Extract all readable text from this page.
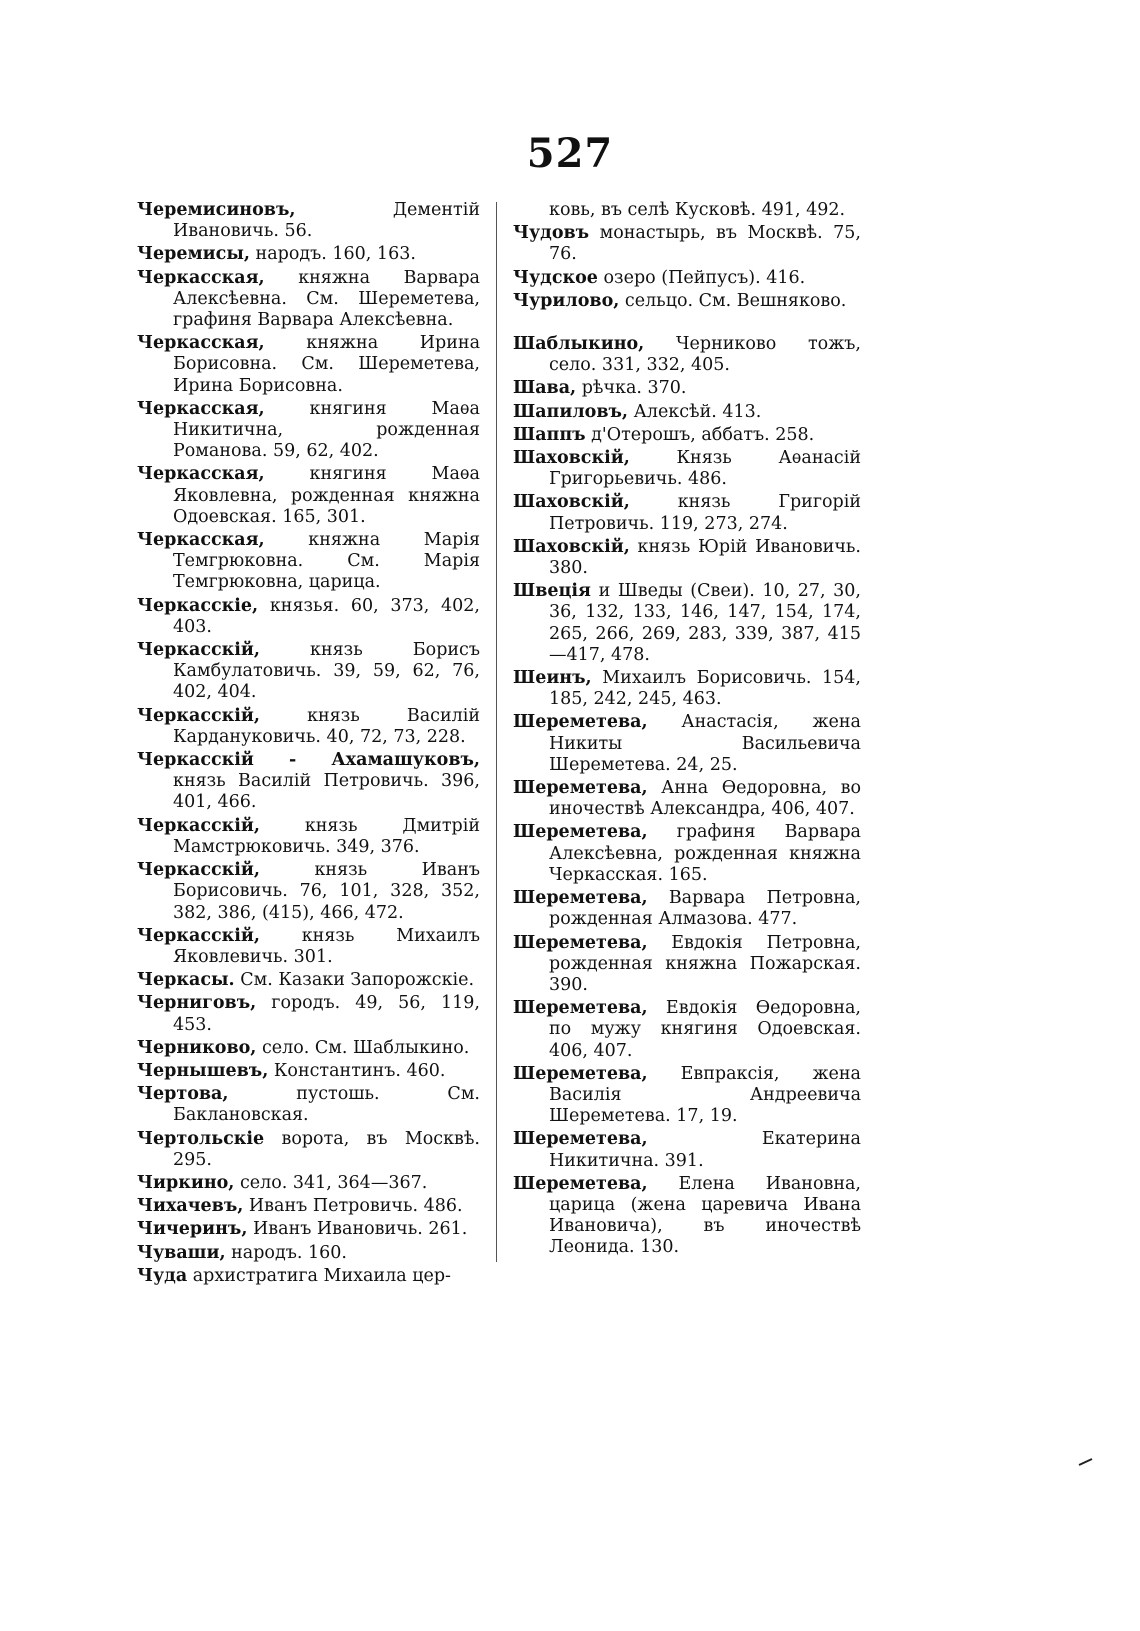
527

Черемисиновъ, Дементій Ивановичь. 56.

Черемисы, народъ. 160, 163.

Черкасская, княжна Варвара Алексѣевна. См. Шереметева, графиня Варвара Алексѣевна.

Черкасская, княжна Ирина Борисовна. См. Шереметева, Ирина Борисовна.

Черкасская, княгиня Маѳа Никитична, рожденная Романова. 59, 62, 402.

Черкасская, княгиня Маѳа Яковлевна, рожденная княжна Одоевская. 165, 301.

Черкасская, княжна Марія Темгрюковна. См. Марія Темгрюковна, царица.

Черкасскіе, князья. 60, 373, 402, 403.

Черкасскій, князь Борисъ Камбулатовичь. 39, 59, 62, 76, 402, 404.

Черкасскій, князь Василій Кардануковичь. 40, 72, 73, 228.

Черкасскій - Ахамашуковъ, князь Василій Петровичь. 396, 401, 466.

Черкасскій, князь Дмитрій Мамстрюковичь. 349, 376.

Черкасскій, князь Иванъ Борисовичь. 76, 101, 328, 352, 382, 386, (415), 466, 472.

Черкасскій, князь Михаилъ Яковлевичь. 301.

Черкасы. См. Казаки Запорожскіе.

Черниговъ, городъ. 49, 56, 119, 453.

Черниково, село. См. Шаблыкино.

Чернышевъ, Константинъ. 460.

Чертова, пустошь. См. Баклановская.

Чертольскіе ворота, въ Москвѣ. 295.

Чиркино, село. 341, 364—367.

Чихачевъ, Иванъ Петровичь. 486.

Чичеринъ, Иванъ Ивановичь. 261.

Чуваши, народъ. 160.

Чуда архистратига Михаила цер-

ковь, въ селѣ Кусковѣ. 491, 492.

Чудовъ монастырь, въ Москвѣ. 75, 76.

Чудское озеро (Пейпусъ). 416.

Чурилово, сельцо. См. Вешняково.

Шаблыкино, Черниково тожъ, село. 331, 332, 405.

Шава, рѣчка. 370.

Шапиловъ, Алексѣй. 413.

Шаппъ д'Отерошъ, аббатъ. 258.

Шаховскій, Князь Аѳанасій Григорьевичь. 486.

Шаховскій, князь Григорій Петровичь. 119, 273, 274.

Шаховскій, князь Юрій Ивановичь. 380.

Швеція и Шведы (Свеи). 10, 27, 30, 36, 132, 133, 146, 147, 154, 174, 265, 266, 269, 283, 339, 387, 415—417, 478.

Шеинъ, Михаилъ Борисовичь. 154, 185, 242, 245, 463.

Шереметева, Анастасія, жена Никиты Васильевича Шереметева. 24, 25.

Шереметева, Анна Ѳедоровна, во иночествѣ Александра, 406, 407.

Шереметева, графиня Варвара Алексѣевна, рожденная княжна Черкасская. 165.

Шереметева, Варвара Петровна, рожденная Алмазова. 477.

Шереметева, Евдокія Петровна, рожденная княжна Пожарская. 390.

Шереметева, Евдокія Ѳедоровна, по мужу княгиня Одоевская. 406, 407.

Шереметева, Евпраксія, жена Василія Андреевича Шереметева. 17, 19.

Шереметева, Екатерина Никитична. 391.

Шереметева, Елена Ивановна, царица (жена царевича Ивана Ивановича), въ иночествѣ Леонида. 130.
